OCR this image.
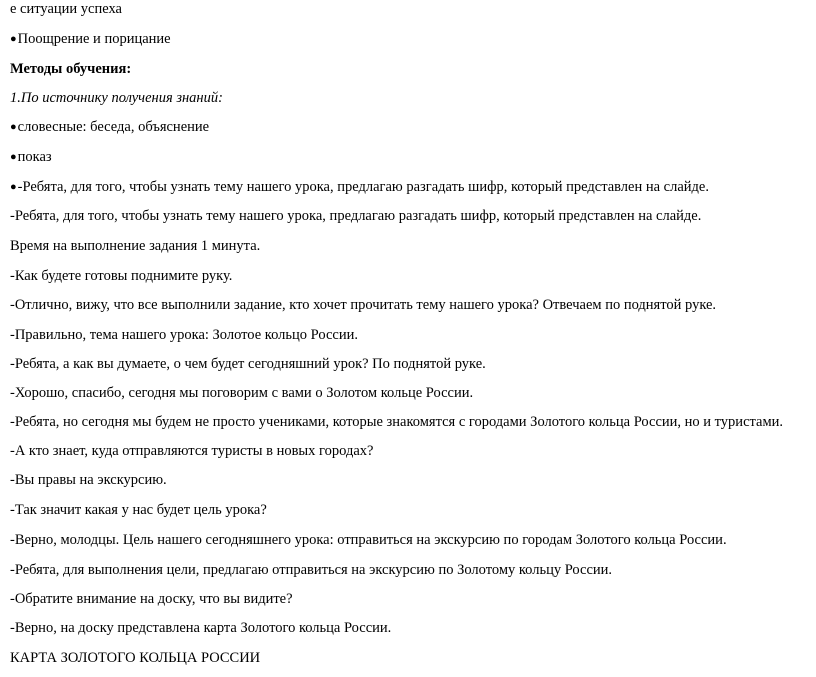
е ситуации успеха
● Поощрение и порицание
Методы обучения:
1.По источнику получения знаний:
● словесные: беседа, объяснение
● показ
● -Ребята, для того, чтобы узнать тему нашего урока, предлагаю разгадать шифр, который представлен на слайде.
-Ребята, для того, чтобы узнать тему нашего урока, предлагаю разгадать шифр, который представлен на слайде.
Время на выполнение задания 1 минута.
-Как будете готовы поднимите руку.
-Отлично, вижу, что все выполнили задание, кто хочет прочитать тему нашего урока? Отвечаем по поднятой руке.
-Правильно, тема нашего урока: Золотое кольцо России.
-Ребята, а как вы думаете, о чем будет сегодняшний урок? По поднятой руке.
-Хорошо, спасибо, сегодня мы поговорим с вами о Золотом кольце России.
-Ребята, но сегодня мы будем не просто учениками, которые знакомятся с городами Золотого кольца России, но и туристами.
-А кто знает, куда отправляются туристы в новых городах?
-Вы правы на экскурсию.
-Так значит какая у нас будет цель урока?
-Верно, молодцы. Цель нашего сегодняшнего урока: отправиться на экскурсию по городам Золотого кольца России.
-Ребята, для выполнения цели, предлагаю отправиться на экскурсию по Золотому кольцу России.
-Обратите внимание на доску, что вы видите?
-Верно, на доску представлена карта Золотого кольца России.
КАРТА ЗОЛОТОГО КОЛЬЦА РОССИИ
